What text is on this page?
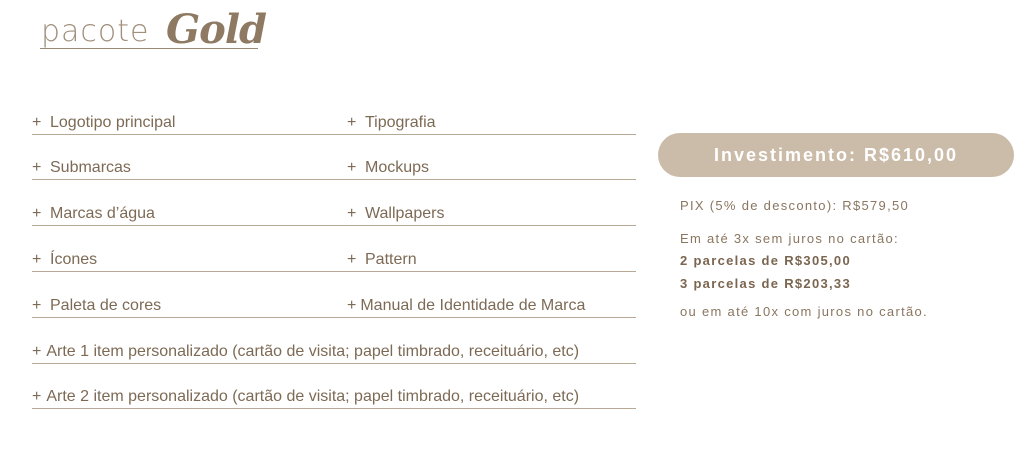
pacote Gold
+ Logotipo principal
+ Submarcas
+ Marcas d’água
+ Ícones
+ Paleta de cores
+ Tipografia
+ Mockups
+ Wallpapers
+ Pattern
+ Manual de Identidade de Marca
+ Arte 1 item personalizado (cartão de visita; papel timbrado, receituário, etc)
+ Arte 2 item personalizado (cartão de visita; papel timbrado, receituário, etc)
Investimento: R$610,00
PIX (5% de desconto): R$579,50
Em até 3x sem juros no cartão:
2 parcelas de R$305,00
3 parcelas de R$203,33
ou em até 10x com juros no cartão.
